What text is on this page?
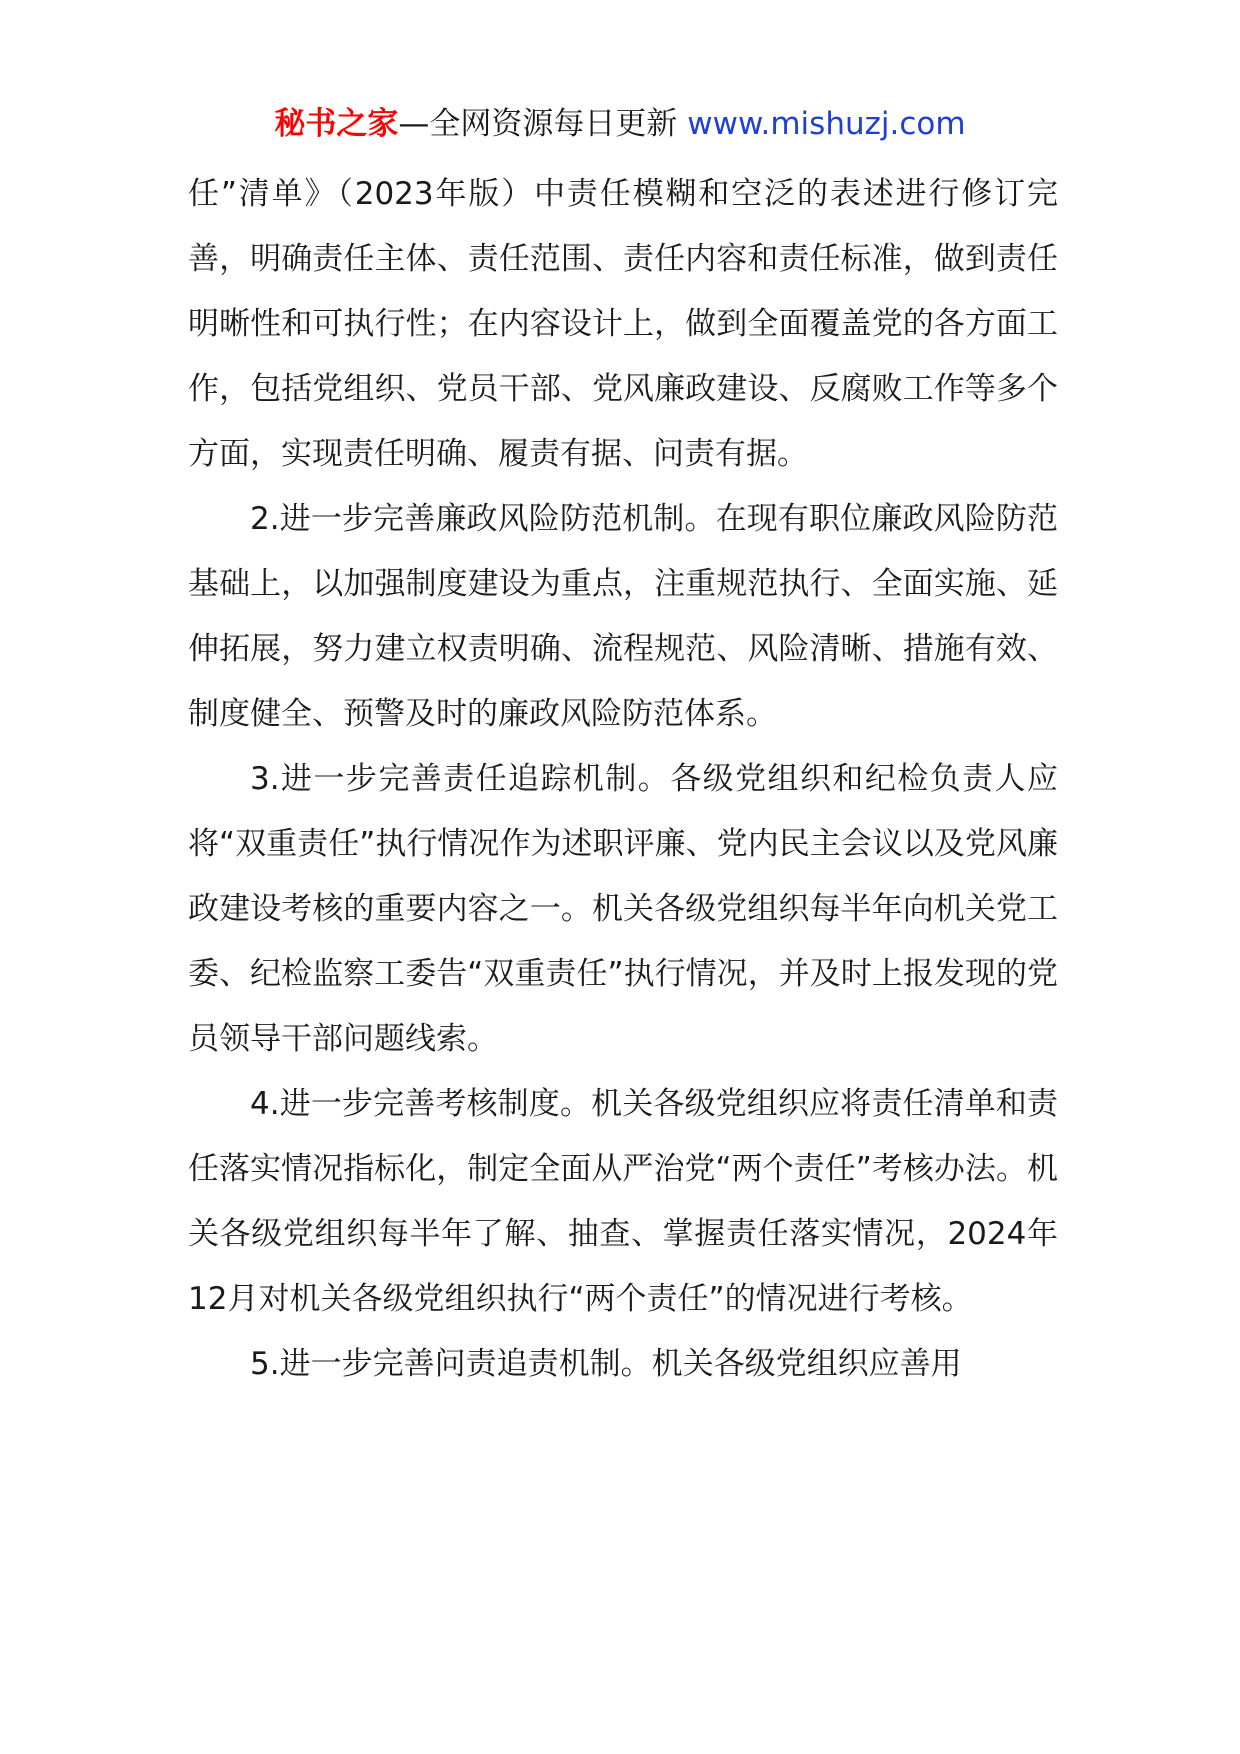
秘书之家—全网资源每日更新 www.mishuzj.com

任”清单》（2023年版）中责任模糊和空泛的表述进行修订完善，明确责任主体、责任范围、责任内容和责任标准，做到责任明晰性和可执行性；在内容设计上，做到全面覆盖党的各方面工作，包括党组织、党员干部、党风廉政建设、反腐败工作等多个方面，实现责任明确、履责有据、问责有据。

2.进一步完善廉政风险防范机制。在现有职位廉政风险防范基础上，以加强制度建设为重点，注重规范执行、全面实施、延伸拓展，努力建立权责明确、流程规范、风险清晰、措施有效、制度健全、预警及时的廉政风险防范体系。

3.进一步完善责任追踪机制。各级党组织和纪检负责人应将“双重责任”执行情况作为述职评廉、党内民主会议以及党风廉政建设考核的重要内容之一。机关各级党组织每半年向机关党工委、纪检监察工委告“双重责任”执行情况，并及时上报发现的党员领导干部问题线索。

4.进一步完善考核制度。机关各级党组织应将责任清单和责任落实情况指标化，制定全面从严治党“两个责任”考核办法。机关各级党组织每半年了解、抽查、掌握责任落实情况，2024年12月对机关各级党组织执行“两个责任”的情况进行考核。

5.进一步完善问责追责机制。机关各级党组织应善用
